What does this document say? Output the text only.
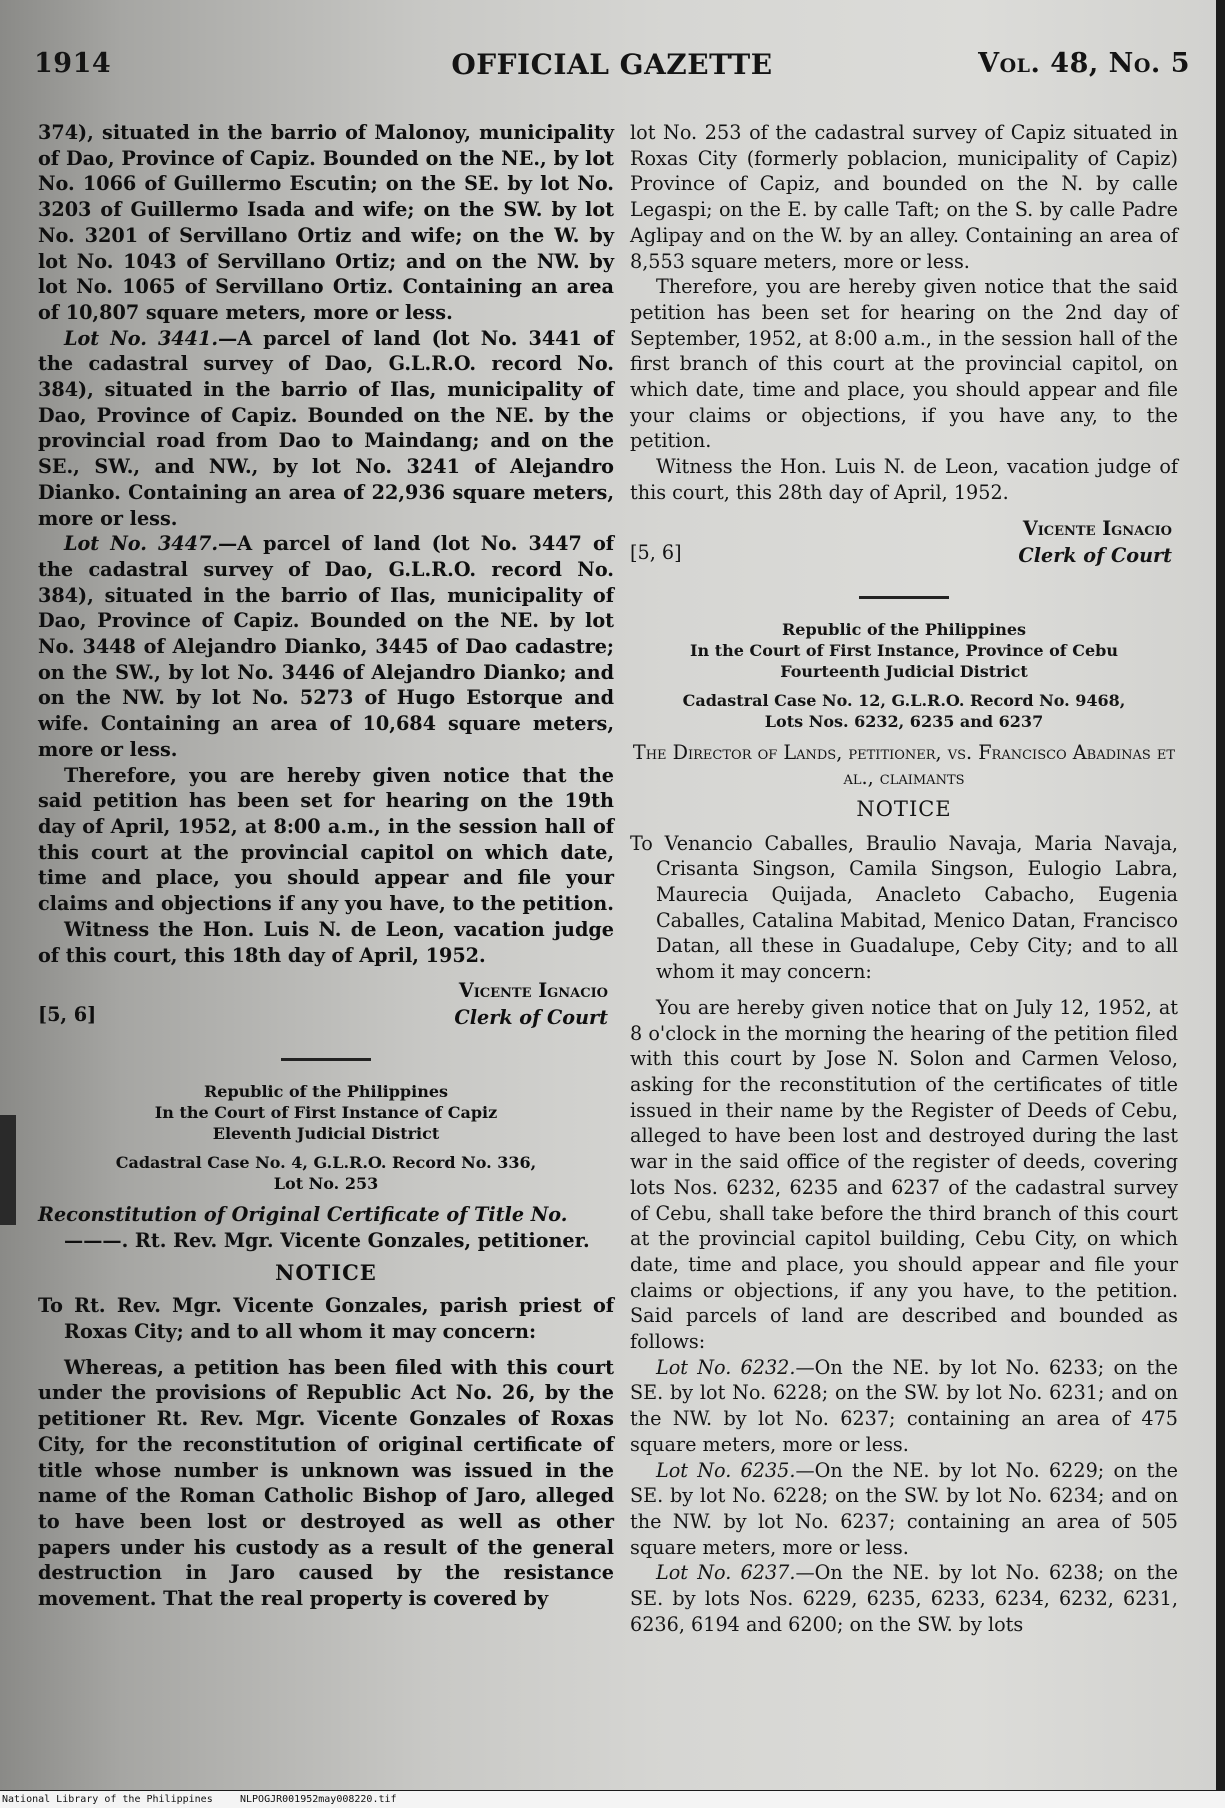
OFFICIAL GAZETTE
1914	Vol. 48, No. 5

374), situated in the barrio of Malonoy, municipality of Dao, Province of Capiz. Bounded on the NE., by lot No. 1066 of Guillermo Escutin; on the SE. by lot No. 3203 of Guillermo Isada and wife; on the SW. by lot No. 3201 of Servillano Ortiz and wife; on the W. by lot No. 1043 of Servillano Ortiz; and on the NW. by lot No. 1065 of Servillano Ortiz. Containing an area of 10,807 square meters, more or less.

Lot No. 3441.—A parcel of land (lot No. 3441 of the cadastral survey of Dao, G.L.R.O. record No. 384), situated in the barrio of Ilas, municipality of Dao, Province of Capiz. Bounded on the NE. by the provincial road from Dao to Maindang; and on the SE., SW., and NW., by lot No. 3241 of Alejandro Dianko. Containing an area of 22,936 square meters, more or less.

Lot No. 3447.—A parcel of land (lot No. 3447 of the cadastral survey of Dao, G.L.R.O. record No. 384), situated in the barrio of Ilas, municipality of Dao, Province of Capiz. Bounded on the NE. by lot No. 3448 of Alejandro Dianko, 3445 of Dao cadastre; on the SW., by lot No. 3446 of Alejandro Dianko; and on the NW. by lot No. 5273 of Hugo Estorque and wife. Containing an area of 10,684 square meters, more or less.

Therefore, you are hereby given notice that the said petition has been set for hearing on the 19th day of April, 1952, at 8:00 a.m., in the session hall of this court at the provincial capitol on which date, time and place, you should appear and file your claims and objections if any you have, to the petition.

Witness the Hon. Luis N. de Leon, vacation judge of this court, this 18th day of April, 1952.

Vicente Ignacio
Clerk of Court
[5, 6]
Republic of the Philippines
In the Court of First Instance of Capiz
Eleventh Judicial District
Cadastral Case No. 4, G.L.R.O. Record No. 336,
Lot No. 253

Reconstitution of Original Certificate of Title No.

———. Rt. Rev. Mgr. Vicente Gonzales, petitioner.

NOTICE

To Rt. Rev. Mgr. Vicente Gonzales, parish priest of Roxas City; and to all whom it may concern:

Whereas, a petition has been filed with this court under the provisions of Republic Act No. 26, by the petitioner Rt. Rev. Mgr. Vicente Gonzales of Roxas City, for the reconstitution of original certificate of title whose number is unknown was issued in the name of the Roman Catholic Bishop of Jaro, alleged to have been lost or destroyed as well as other papers under his custody as a result of the general destruction in Jaro caused by the resistance movement. That the real property is covered by

lot No. 253 of the cadastral survey of Capiz situated in Roxas City (formerly poblacion, municipality of Capiz) Province of Capiz, and bounded on the N. by calle Legaspi; on the E. by calle Taft; on the S. by calle Padre Aglipay and on the W. by an alley. Containing an area of 8,553 square meters, more or less.

Therefore, you are hereby given notice that the said petition has been set for hearing on the 2nd day of September, 1952, at 8:00 a.m., in the session hall of the first branch of this court at the provincial capitol, on which date, time and place, you should appear and file your claims or objections, if you have any, to the petition.

Witness the Hon. Luis N. de Leon, vacation judge of this court, this 28th day of April, 1952.

Vicente Ignacio
Clerk of Court
[5, 6]
Republic of the Philippines
In the Court of First Instance, Province of Cebu
Fourteenth Judicial District
Cadastral Case No. 12, G.L.R.O. Record No. 9468,
Lots Nos. 6232, 6235 and 6237

The Director of Lands, petitioner, vs. Francisco Abadinas et al., claimants

NOTICE

To Venancio Caballes, Braulio Navaja, Maria Navaja, Crisanta Singson, Camila Singson, Eulogio Labra, Maurecia Quijada, Anacleto Cabacho, Eugenia Caballes, Catalina Mabitad, Menico Datan, Francisco Datan, all these in Guadalupe, Ceby City; and to all whom it may concern:

You are hereby given notice that on July 12, 1952, at 8 o'clock in the morning the hearing of the petition filed with this court by Jose N. Solon and Carmen Veloso, asking for the reconstitution of the certificates of title issued in their name by the Register of Deeds of Cebu, alleged to have been lost and destroyed during the last war in the said office of the register of deeds, covering lots Nos. 6232, 6235 and 6237 of the cadastral survey of Cebu, shall take before the third branch of this court at the provincial capitol building, Cebu City, on which date, time and place, you should appear and file your claims or objections, if any you have, to the petition. Said parcels of land are described and bounded as follows:

Lot No. 6232.—On the NE. by lot No. 6233; on the SE. by lot No. 6228; on the SW. by lot No. 6231; and on the NW. by lot No. 6237; containing an area of 475 square meters, more or less.

Lot No. 6235.—On the NE. by lot No. 6229; on the SE. by lot No. 6228; on the SW. by lot No. 6234; and on the NW. by lot No. 6237; containing an area of 505 square meters, more or less.

Lot No. 6237.—On the NE. by lot No. 6238; on the SE. by lots Nos. 6229, 6235, 6233, 6234, 6232, 6231, 6236, 6194 and 6200; on the SW. by lots

National Library of the Philippines	NLPOGJR001952may008220.tif
